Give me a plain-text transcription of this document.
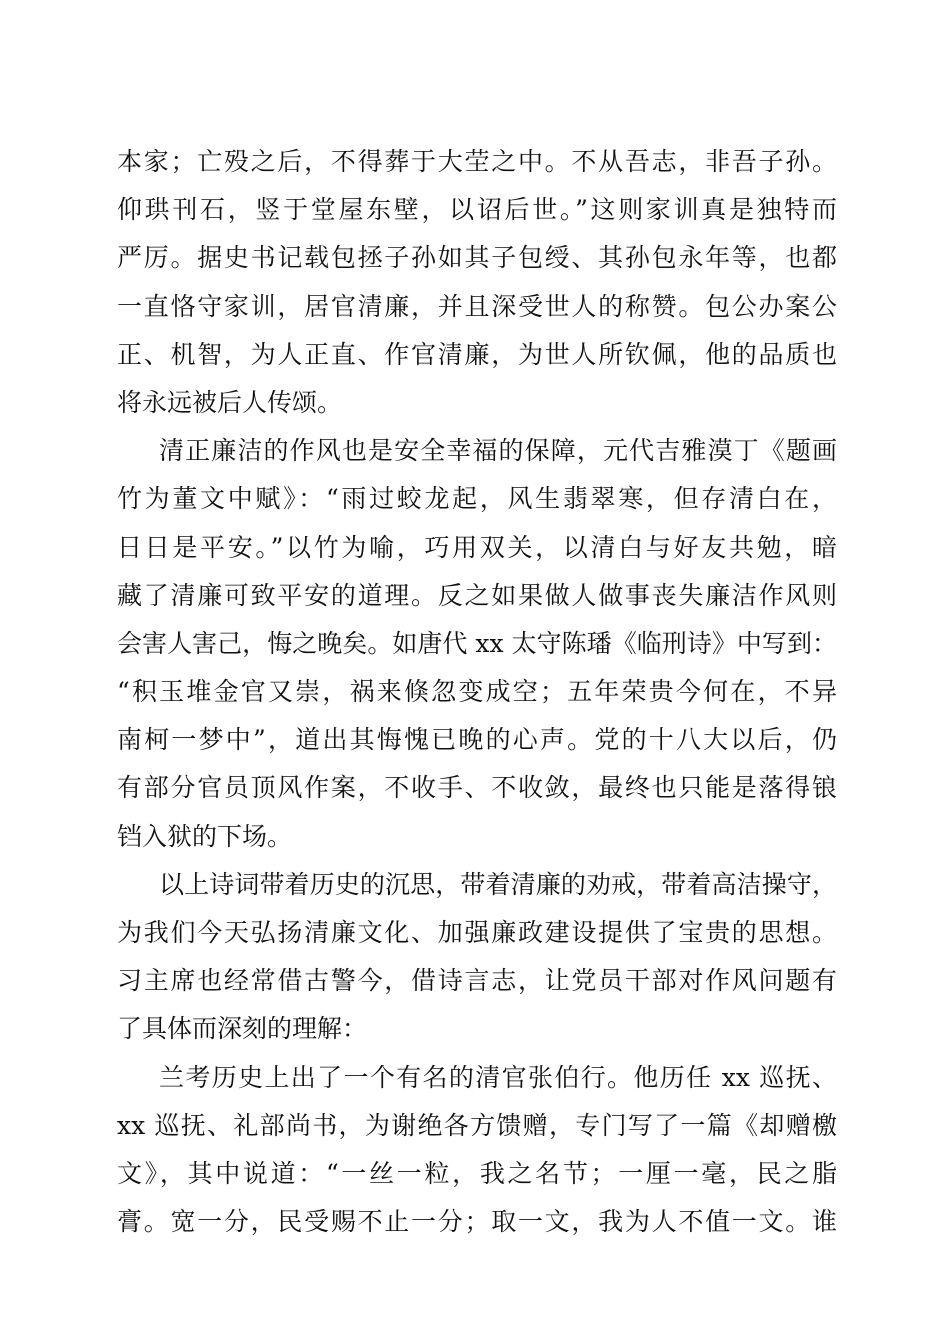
本家；亡殁之后，不得葬于大茔之中。不从吾志，非吾子孙。
仰珙刊石，竖于堂屋东壁，以诏后世。”这则家训真是独特而
严厉。据史书记载包拯子孙如其子包绶、其孙包永年等，也都
一直恪守家训，居官清廉，并且深受世人的称赞。包公办案公
正、机智，为人正直、作官清廉，为世人所钦佩，他的品质也
将永远被后人传颂。
清正廉洁的作风也是安全幸福的保障，元代吉雅漠丁《题画
竹为董文中赋》：“雨过蛟龙起，风生翡翠寒，但存清白在，
日日是平安。”以竹为喻，巧用双关，以清白与好友共勉，暗
藏了清廉可致平安的道理。反之如果做人做事丧失廉洁作风则
会害人害己，悔之晚矣。如唐代 xx 太守陈璠《临刑诗》中写到：
“积玉堆金官又崇，祸来倏忽变成空；五年荣贵今何在，不异
南柯一梦中”，道出其悔愧已晚的心声。党的十八大以后，仍
有部分官员顶风作案，不收手、不收敛，最终也只能是落得锒
铛入狱的下场。
以上诗词带着历史的沉思，带着清廉的劝戒，带着高洁操守，
为我们今天弘扬清廉文化、加强廉政建设提供了宝贵的思想。
习主席也经常借古警今，借诗言志，让党员干部对作风问题有
了具体而深刻的理解：
兰考历史上出了一个有名的清官张伯行。他历任 xx 巡抚、
xx 巡抚、礼部尚书，为谢绝各方馈赠，专门写了一篇《却赠檄
文》，其中说道：“一丝一粒，我之名节；一厘一毫，民之脂
膏。宽一分，民受赐不止一分；取一文，我为人不值一文。谁
